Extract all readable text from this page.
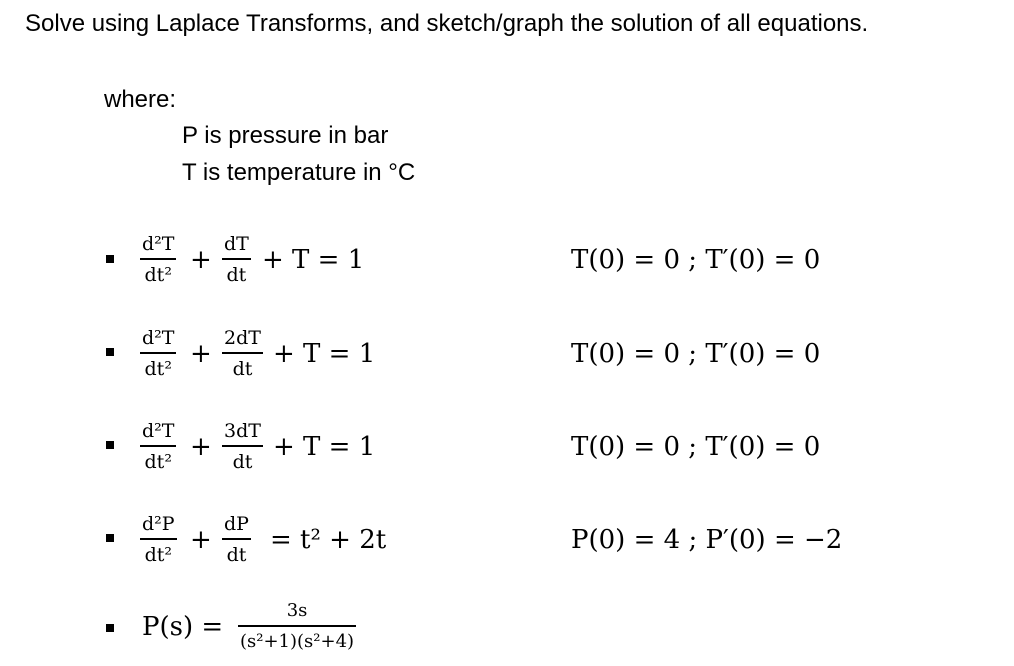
Solve using Laplace Transforms, and sketch/graph the solution of all equations.
where:
P is pressure in bar
T is temperature in °C
d²T
dt² +
dT
dt + T = 1	T(0) = 0 ; T′(0) = 0
d²T
dt² +
2dT
dt + T = 1	T(0) = 0 ; T′(0) = 0
d²T
dt² +
3dT
dt + T = 1	T(0) = 0 ; T′(0) = 0
d²P
dt² +
dP
dt = t² + 2t	P(0) = 4 ; P′(0) = −2
P(s) =
3s
(s²+1)(s²+4)
